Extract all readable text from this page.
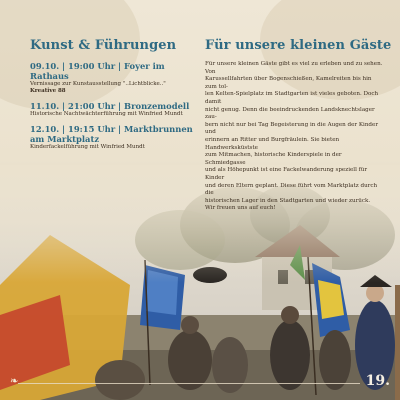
Kunst & Führungen
09.10. | 19:00 Uhr | Foyer im Rathaus
Vernissage zur Kunstausstellung "..Lichtblicke.."
Kreative 88
11.10. | 21:00 Uhr | Bronzemodell
Historische Nachtwächterführung mit Winfried Mundt
12.10. | 19:15 Uhr | Marktbrunnen am Marktplatz
Kinderfackelführung mit Winfried Mundt
Für unsere kleinen Gäste
Für unsere kleinen Gäste gibt es viel zu erleben und zu sehen. Von
Karussellfahrten über Bogenschießen, Kamelreiten bis hin zum tol-
len Kelten-Spielplatz im Stadtgarten ist vieles geboten. Doch damit
nicht genug. Denn die beeindruckenden Landsknechtslager zau-
bern nicht nur bei Tag Begeisterung in die Augen der Kinder und
erinnern an Ritter und Burgfräulein. Sie bieten Handwerksküstste
zum Mitmachen, historische Kinderspiele in der Schmiedgasse
und als Höhepunkt ist eine Fackelwanderung speziell für Kinder
und deren Eltern geplant. Diese führt vom Marktplatz durch die
historischen Lager in den Stadtgarten und wieder zurück.
Wir freuen uns auf euch!
❧	19.
